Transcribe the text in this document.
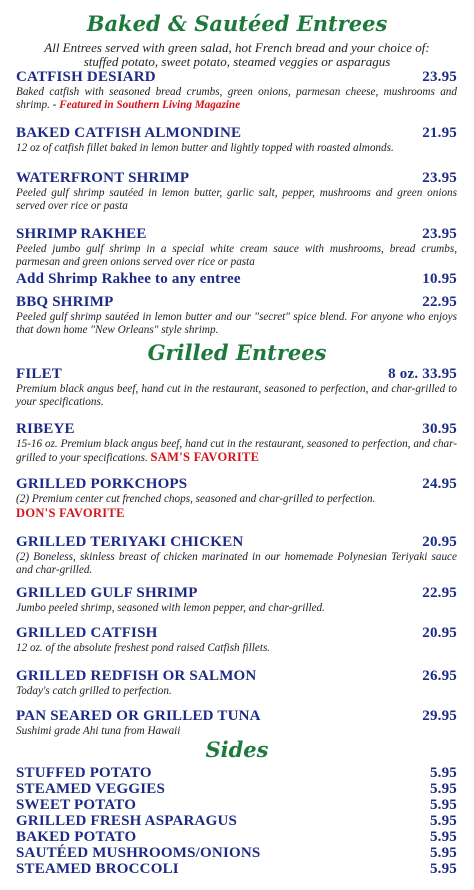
Baked & Sautéed Entrees
All Entrees served with green salad, hot French bread and your choice of:
stuffed potato, sweet potato, steamed veggies or asparagus
CATFISH DESIARD	23.95
Baked catfish with seasoned bread crumbs, green onions, parmesan cheese, mushrooms and shrimp. - Featured in Southern Living Magazine
BAKED CATFISH ALMONDINE	21.95
12 oz of catfish fillet baked in lemon butter and lightly topped with roasted almonds.
WATERFRONT SHRIMP	23.95
Peeled gulf shrimp sautéed in lemon butter, garlic salt, pepper, mushrooms and green onions served over rice or pasta
SHRIMP RAKHEE	23.95
Peeled jumbo gulf shrimp in a special white cream sauce with mushrooms, bread crumbs, parmesan and green onions served over rice or pasta
Add Shrimp Rakhee to any entree	10.95
BBQ SHRIMP	22.95
Peeled gulf shrimp sautéed in lemon butter and our "secret" spice blend. For anyone who enjoys that down home "New Orleans" style shrimp.
Grilled Entrees
FILET	8 oz. 33.95
Premium black angus beef, hand cut in the restaurant, seasoned to perfection, and char-grilled to your specifications.
RIBEYE	30.95
15-16 oz. Premium black angus beef, hand cut in the restaurant, seasoned to perfection, and char-grilled to your specifications. SAM'S FAVORITE
GRILLED PORKCHOPS	24.95
(2) Premium center cut frenched chops, seasoned and char-grilled to perfection.
DON'S FAVORITE
GRILLED TERIYAKI CHICKEN	20.95
(2) Boneless, skinless breast of chicken marinated in our homemade Polynesian Teriyaki sauce and char-grilled.
GRILLED GULF SHRIMP	22.95
Jumbo peeled shrimp, seasoned with lemon pepper, and char-grilled.
GRILLED CATFISH	20.95
12 oz. of the absolute freshest pond raised Catfish fillets.
GRILLED REDFISH OR SALMON	26.95
Today's catch grilled to perfection.
PAN SEARED OR GRILLED TUNA	29.95
Sushimi grade Ahi tuna from Hawaii
Sides
STUFFED POTATO	5.95
STEAMED VEGGIES	5.95
SWEET POTATO	5.95
GRILLED FRESH ASPARAGUS	5.95
BAKED POTATO	5.95
SAUTÉED MUSHROOMS/ONIONS	5.95
STEAMED BROCCOLI	5.95
